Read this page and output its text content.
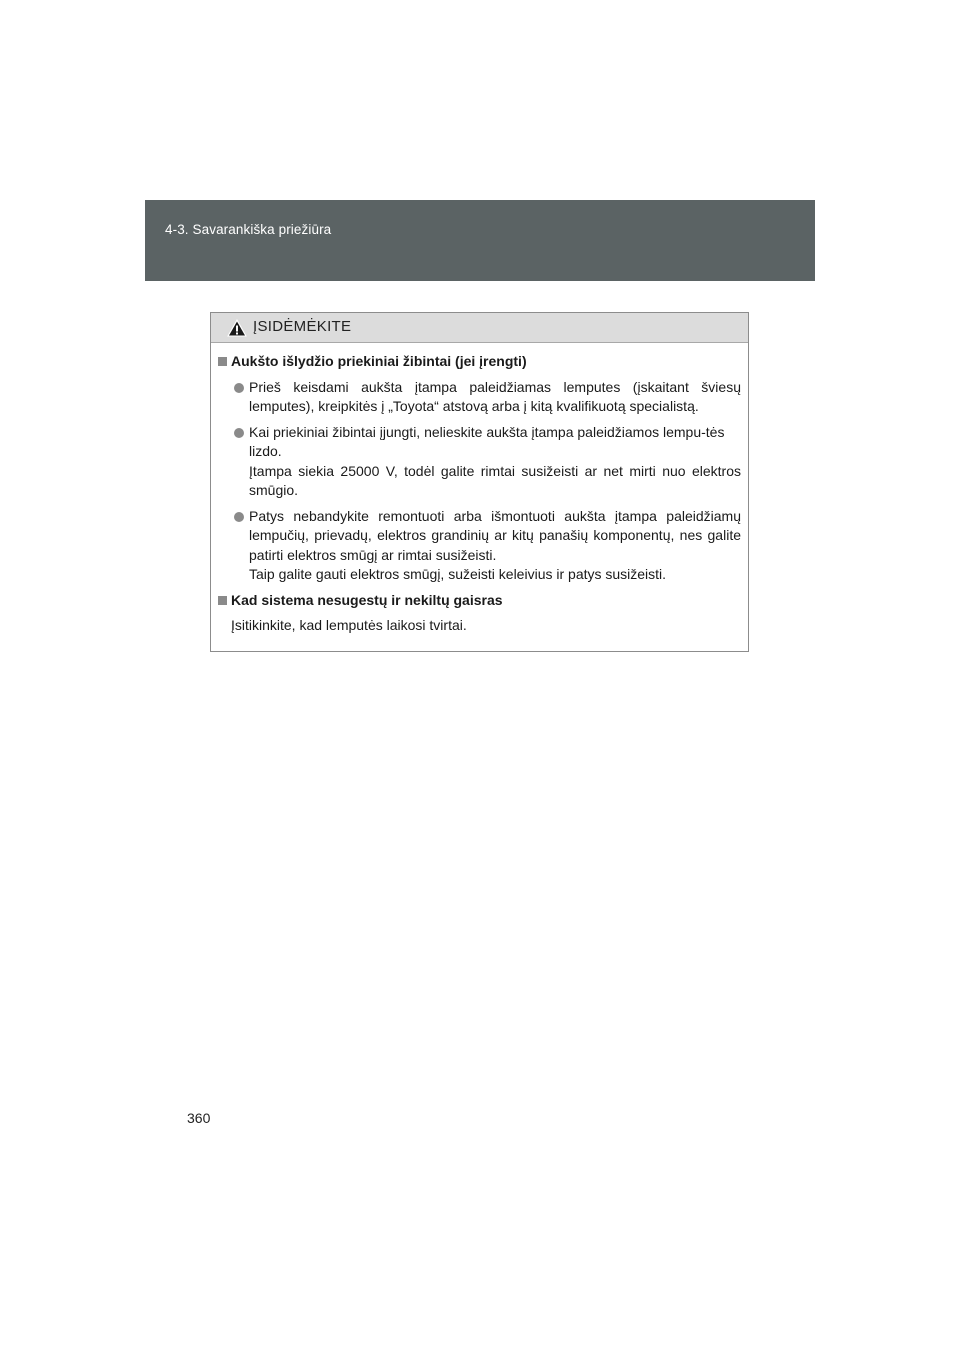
4-3. Savarankiška priežiūra
ĮSIDĖMĖKITE
Aukšto išlydžio priekiniai žibintai (jei įrengti)

Prieš keisdami aukšta įtampa paleidžiamas lemputes (įskaitant šviesų lemputes), kreipkitės į „Toyota“ atstovą arba į kitą kvalifikuotą specialistą.

Kai priekiniai žibintai įjungti, nelieskite aukšta įtampa paleidžiamos lempu-tės lizdo.

Įtampa siekia 25000 V, todėl galite rimtai susižeisti ar net mirti nuo elektros smūgio.

Patys nebandykite remontuoti arba išmontuoti aukšta įtampa paleidžiamų lempučių, prievadų, elektros grandinių ar kitų panašių komponentų, nes galite patirti elektros smūgį ar rimtai susižeisti.

Taip galite gauti elektros smūgį, sužeisti keleivius ir patys susižeisti.

Kad sistema nesugestų ir nekiltų gaisras
Įsitikinkite, kad lemputės laikosi tvirtai.
360
